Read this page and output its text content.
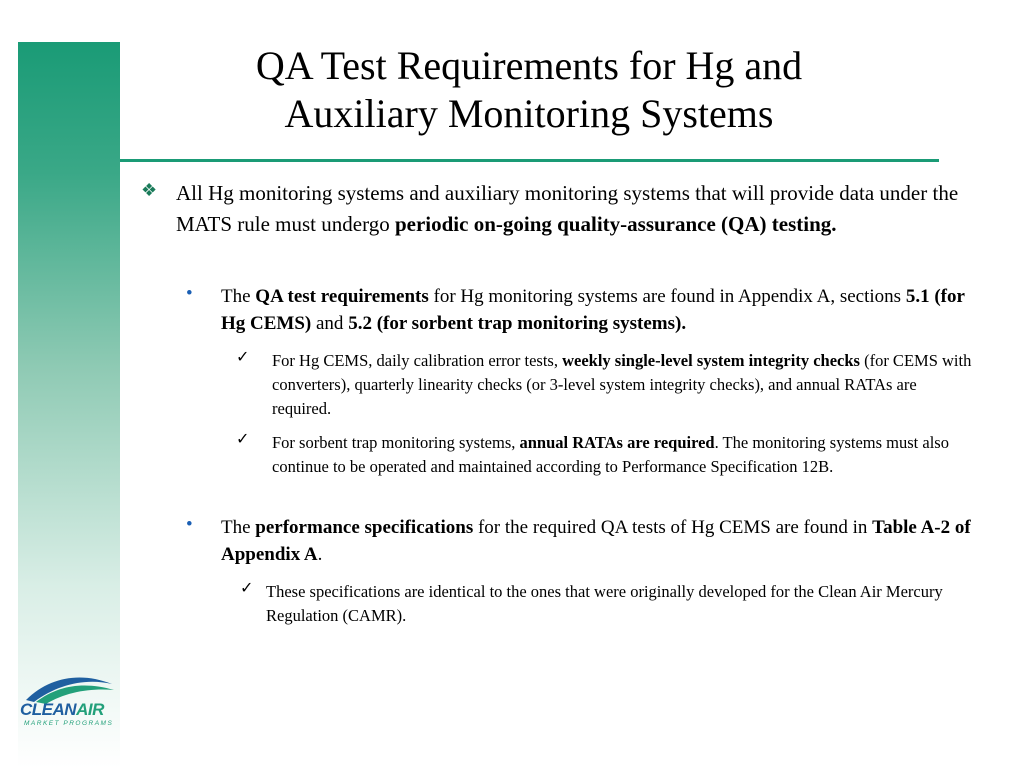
QA Test Requirements for Hg and
Auxiliary Monitoring Systems
❖ All Hg monitoring systems and auxiliary monitoring systems that will provide data under the MATS rule must undergo periodic on-going quality-assurance (QA) testing.
• The QA test requirements for Hg monitoring systems are found in Appendix A, sections 5.1 (for Hg CEMS) and 5.2 (for sorbent trap monitoring systems).
✓ For Hg CEMS, daily calibration error tests, weekly single-level system integrity checks (for CEMS with converters), quarterly linearity checks (or 3-level system integrity checks), and annual RATAs are required.
✓ For sorbent trap monitoring systems, annual RATAs are required. The monitoring systems must also continue to be operated and maintained according to Performance Specification 12B.
• The performance specifications for the required QA tests of Hg CEMS are found in Table A-2 of Appendix A.
✓ These specifications are identical to the ones that were originally developed for the Clean Air Mercury Regulation (CAMR).
CLEANAIR
MARKET PROGRAMS
